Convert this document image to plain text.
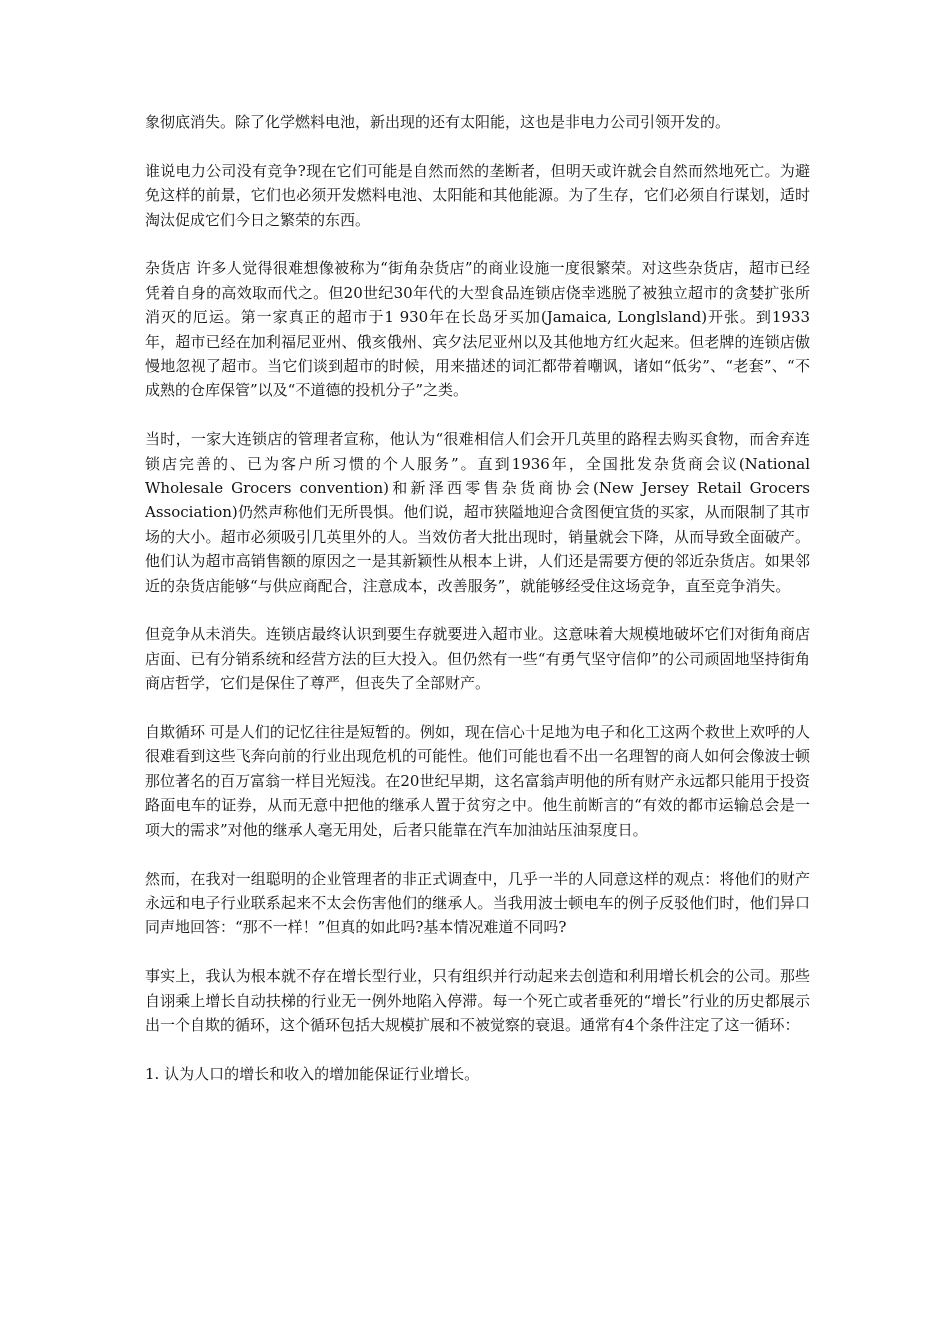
象彻底消失。除了化学燃料电池，新出现的还有太阳能，这也是非电力公司引领开发的。

谁说电力公司没有竞争?现在它们可能是自然而然的垄断者，但明天或许就会自然而然地死亡。为避免这样的前景，它们也必须开发燃料电池、太阳能和其他能源。为了生存，它们必须自行谋划，适时淘汰促成它们今日之繁荣的东西。

杂货店 许多人觉得很难想像被称为“街角杂货店”的商业设施一度很繁荣。对这些杂货店，超市已经凭着自身的高效取而代之。但20世纪30年代的大型食品连锁店侥幸逃脱了被独立超市的贪婪扩张所消灭的厄运。第一家真正的超市于1 930年在长岛牙买加(Jamaica, Longlsland)开张。到1933年，超市已经在加利福尼亚州、俄亥俄州、宾夕法尼亚州以及其他地方红火起来。但老牌的连锁店傲慢地忽视了超市。当它们谈到超市的时候，用来描述的词汇都带着嘲讽，诸如“低劣”、“老套”、“不成熟的仓库保管”以及“不道德的投机分子”之类。

当时，一家大连锁店的管理者宣称，他认为“很难相信人们会开几英里的路程去购买食物，而舍弃连锁店完善的、已为客户所习惯的个人服务”。直到1936年，全国批发杂货商会议(National Wholesale Grocers convention)和新泽西零售杂货商协会(New Jersey Retail Grocers Association)仍然声称他们无所畏惧。他们说，超市狭隘地迎合贪图便宜货的买家，从而限制了其市场的大小。超市必须吸引几英里外的人。当效仿者大批出现时，销量就会下降，从而导致全面破产。他们认为超市高销售额的原因之一是其新颖性从根本上讲，人们还是需要方便的邻近杂货店。如果邻近的杂货店能够“与供应商配合，注意成本，改善服务”，就能够经受住这场竞争，直至竞争消失。

但竞争从未消失。连锁店最终认识到要生存就要进入超市业。这意味着大规模地破坏它们对街角商店店面、已有分销系统和经营方法的巨大投入。但仍然有一些“有勇气坚守信仰”的公司顽固地坚持街角商店哲学，它们是保住了尊严，但丧失了全部财产。

自欺循环 可是人们的记忆往往是短暂的。例如，现在信心十足地为电子和化工这两个救世上欢呼的人很难看到这些飞奔向前的行业出现危机的可能性。他们可能也看不出一名理智的商人如何会像波士顿那位著名的百万富翁一样目光短浅。在20世纪早期，这名富翁声明他的所有财产永远都只能用于投资路面电车的证券，从而无意中把他的继承人置于贫穷之中。他生前断言的“有效的都市运输总会是一项大的需求”对他的继承人毫无用处，后者只能靠在汽车加油站压油泵度日。

然而，在我对一组聪明的企业管理者的非正式调查中，几乎一半的人同意这样的观点：将他们的财产永远和电子行业联系起来不太会伤害他们的继承人。当我用波士顿电车的例子反驳他们时，他们异口同声地回答：“那不一样！”但真的如此吗?基本情况难道不同吗?

事实上，我认为根本就不存在增长型行业，只有组织并行动起来去创造和利用增长机会的公司。那些自诩乘上增长自动扶梯的行业无一例外地陷入停滞。每一个死亡或者垂死的“增长”行业的历史都展示出一个自欺的循环，这个循环包括大规模扩展和不被觉察的衰退。通常有4个条件注定了这一循环：

1. 认为人口的增长和收入的增加能保证行业增长。
